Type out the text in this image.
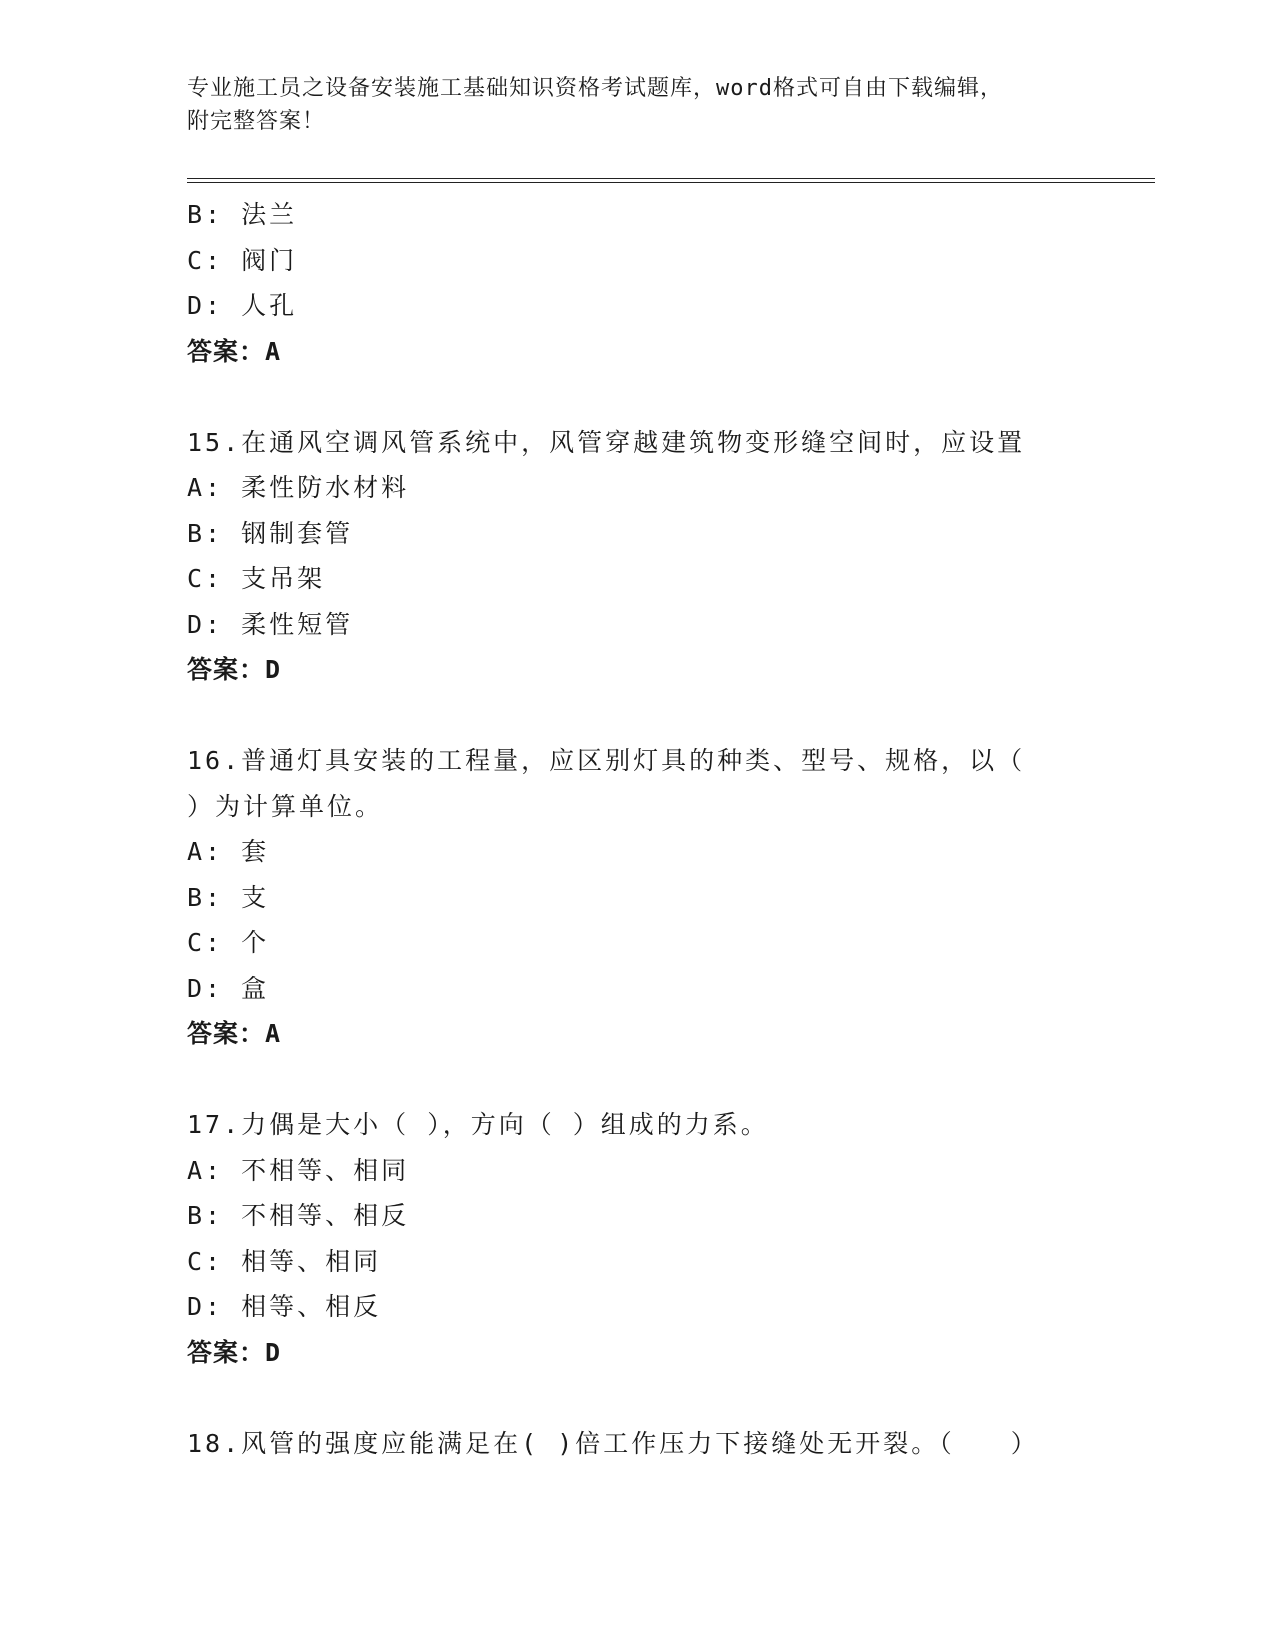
专业施工员之设备安装施工基础知识资格考试题库，word格式可自由下载编辑，
附完整答案！
B: 法兰
C: 阀门
D: 人孔
答案：A
15.在通风空调风管系统中，风管穿越建筑物变形缝空间时，应设置
A: 柔性防水材料
B: 钢制套管
C: 支吊架
D: 柔性短管
答案：D
16.普通灯具安装的工程量，应区别灯具的种类、型号、规格，以（
）为计算单位。
A: 套
B: 支
C: 个
D: 盒
答案：A
17.力偶是大小（ ），方向（ ）组成的力系。
A: 不相等、相同
B: 不相等、相反
C: 相等、相同
D: 相等、相反
答案：D
18.风管的强度应能满足在( )倍工作压力下接缝处无开裂。（　　）
